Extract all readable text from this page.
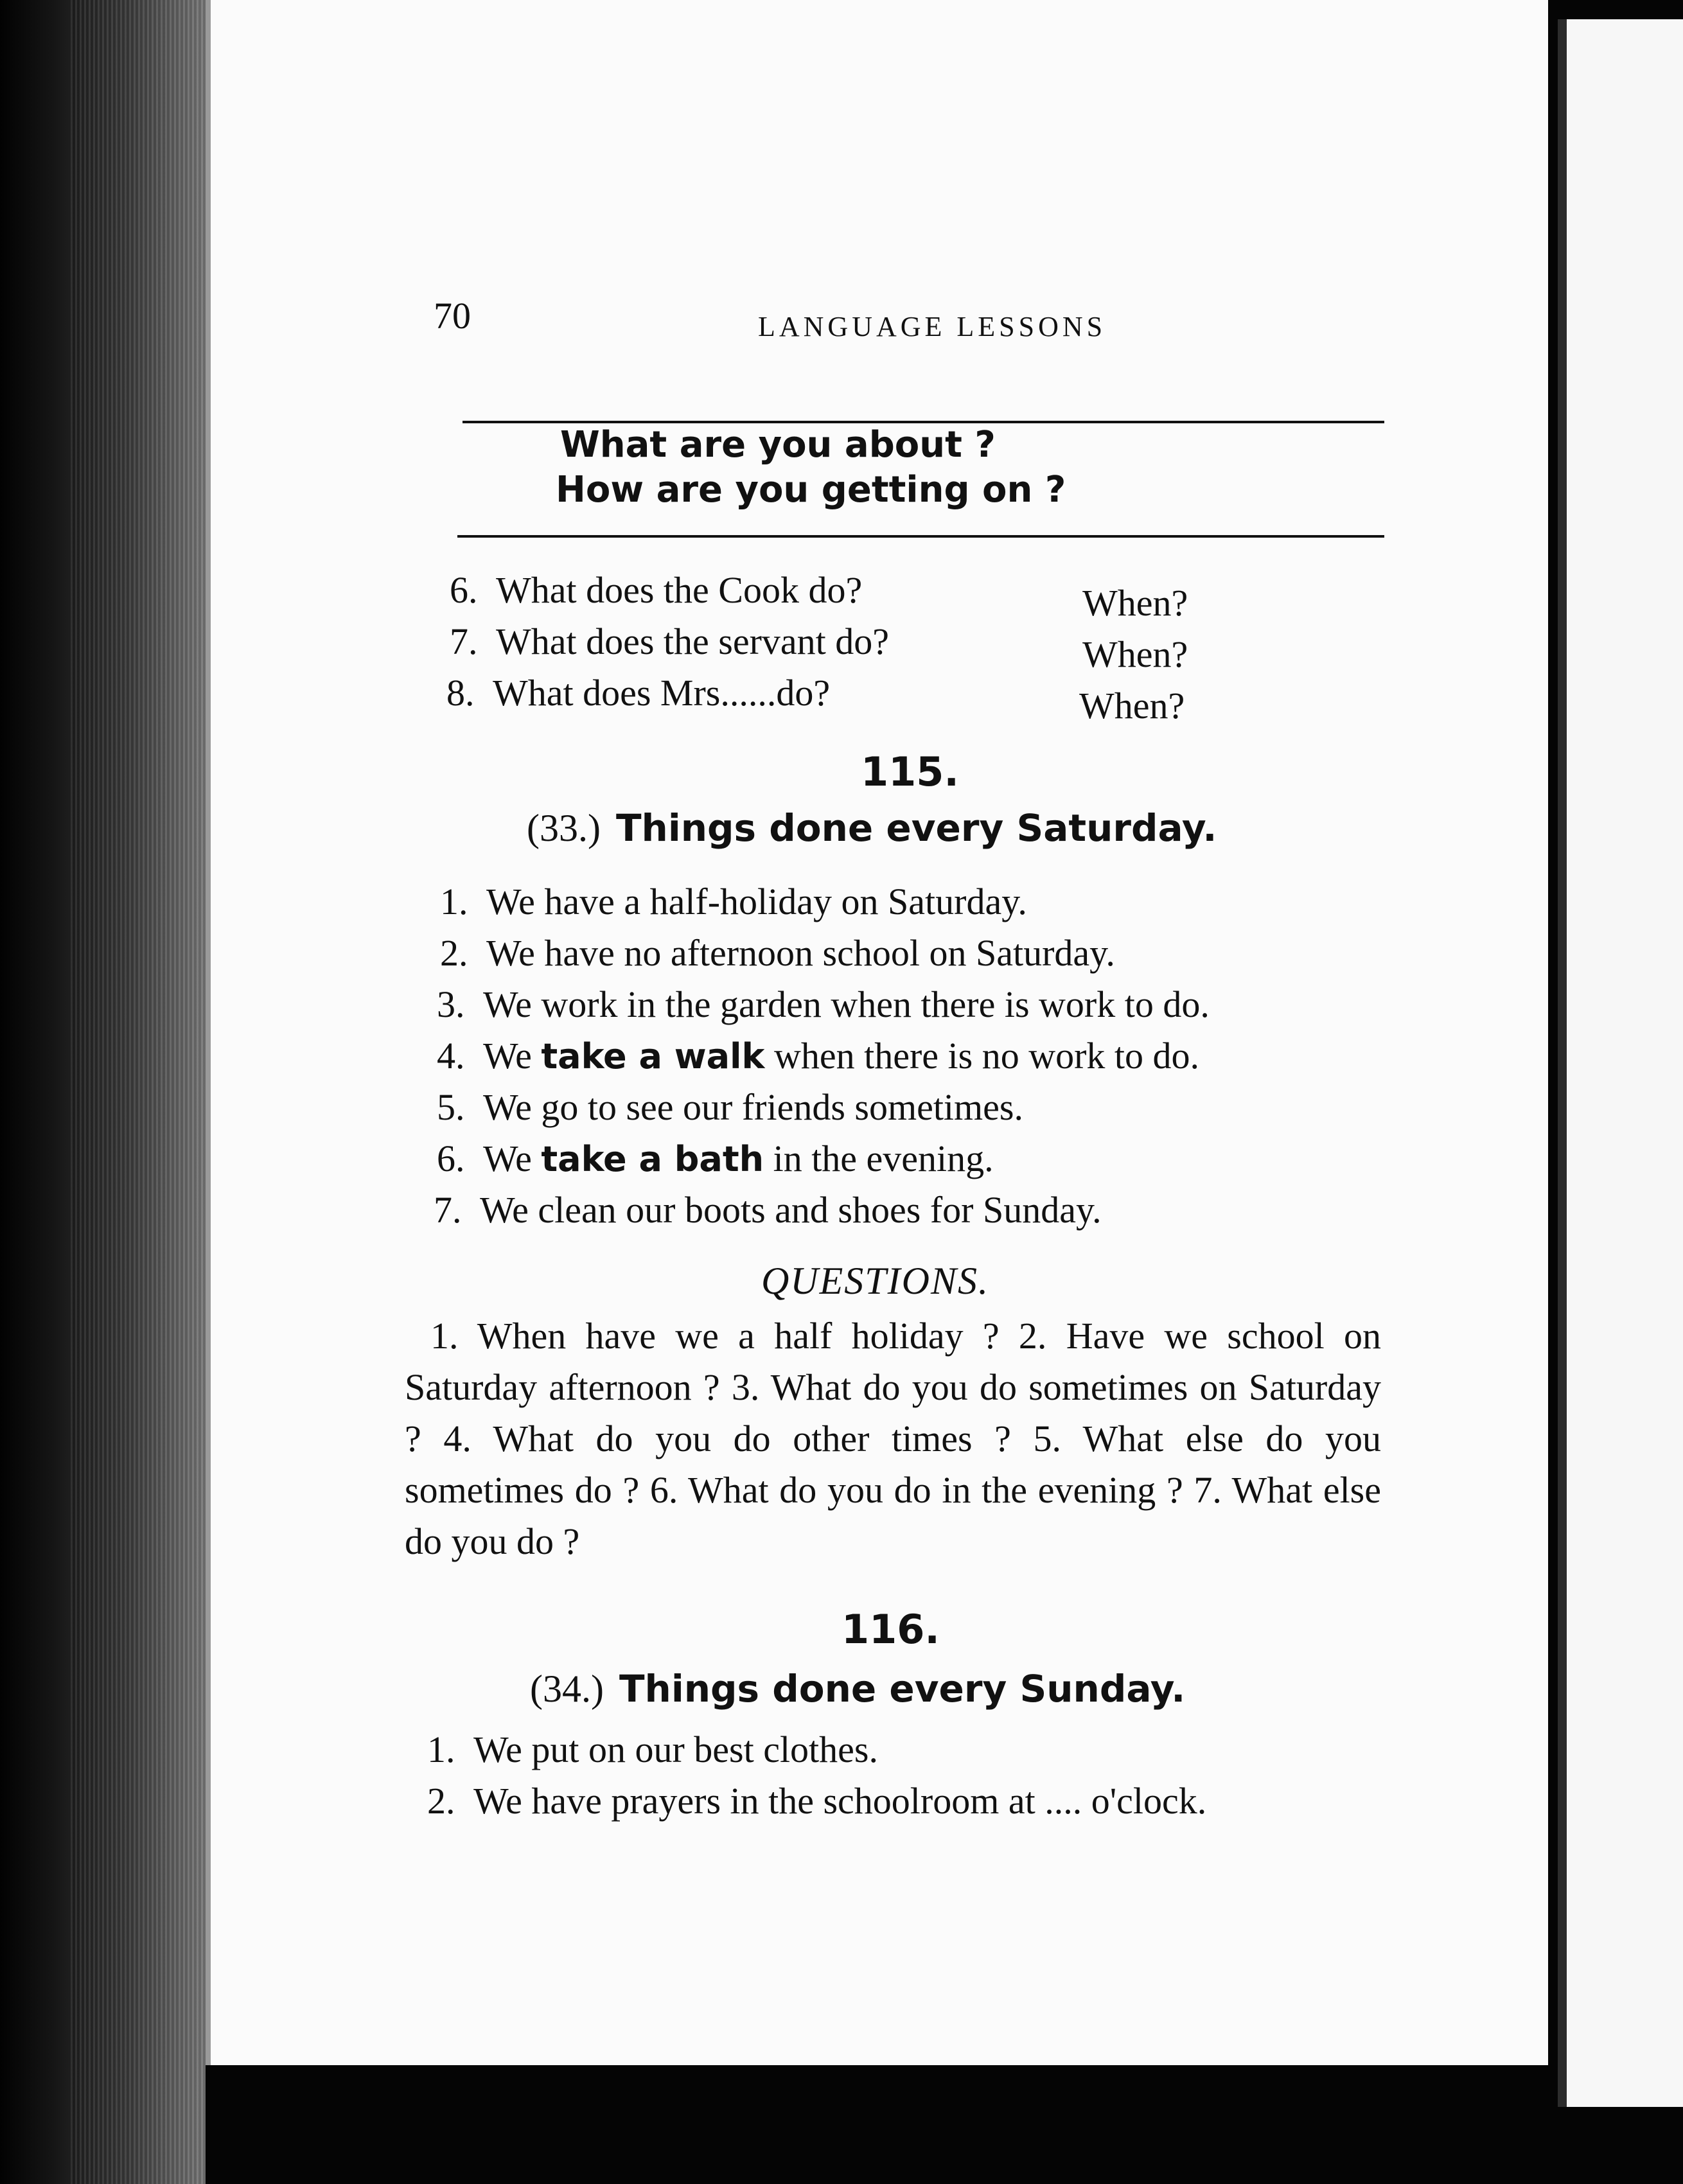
70	LANGUAGE LESSONS
What are you about ?
How are you getting on ?
6. What does the Cook do?	When?
7. What does the servant do?	When?
8. What does Mrs......do?	When?
115.
(33.) Things done every Saturday.
1. We have a half-holiday on Saturday.
2. We have no afternoon school on Saturday.
3. We work in the garden when there is work to do.
4. We take a walk when there is no work to do.
5. We go to see our friends sometimes.
6. We take a bath in the evening.
7. We clean our boots and shoes for Sunday.
QUESTIONS.
1. When have we a half holiday ? 2. Have we school on Saturday afternoon ? 3. What do you do sometimes on Saturday ? 4. What do you do other times ? 5. What else do you sometimes do ? 6. What do you do in the evening ? 7. What else do you do ?
116.
(34.) Things done every Sunday.
1. We put on our best clothes.
2. We have prayers in the schoolroom at .... o'clock.
